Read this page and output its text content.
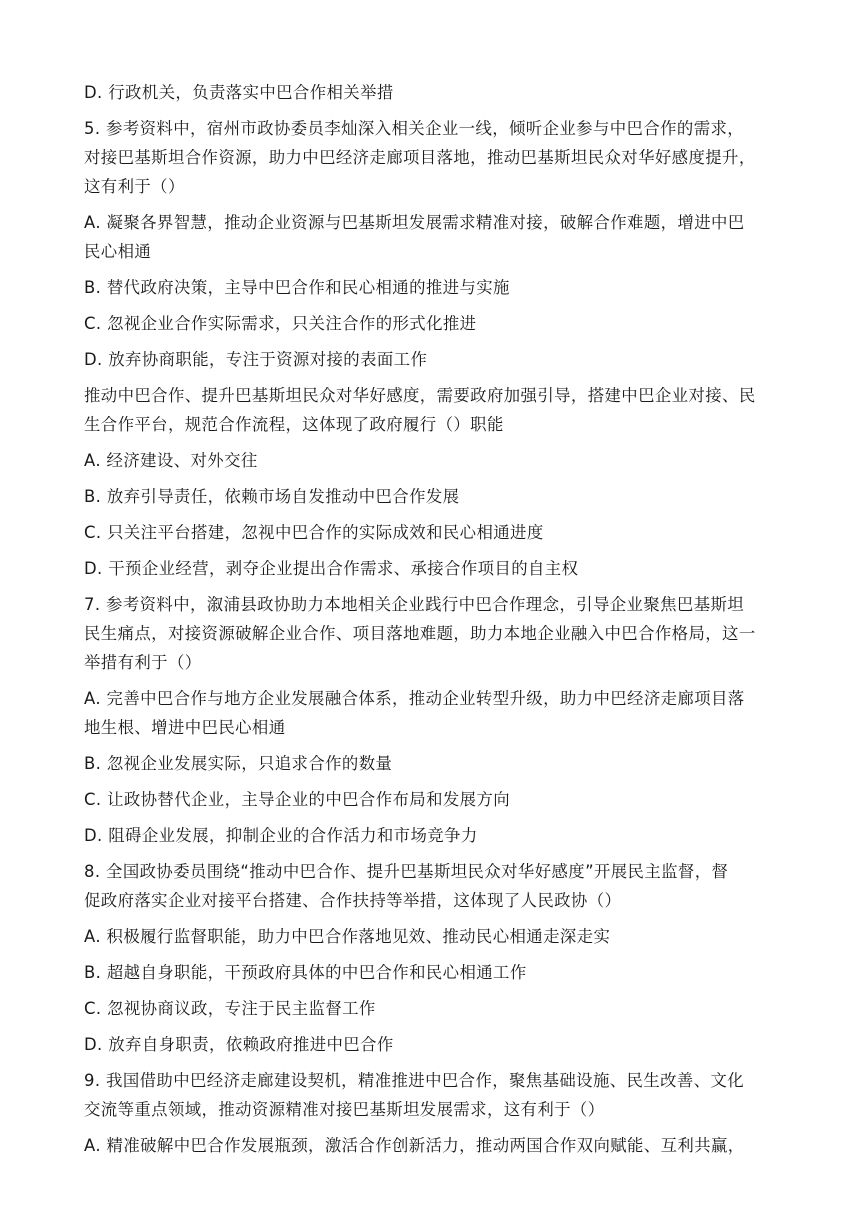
D. 行政机关，负责落实中巴合作相关举措

5. 参考资料中，宿州市政协委员李灿深入相关企业一线，倾听企业参与中巴合作的需求，

对接巴基斯坦合作资源，助力中巴经济走廊项目落地，推动巴基斯坦民众对华好感度提升，

这有利于（）

A. 凝聚各界智慧，推动企业资源与巴基斯坦发展需求精准对接，破解合作难题，增进中巴

民心相通

B. 替代政府决策，主导中巴合作和民心相通的推进与实施

C. 忽视企业合作实际需求，只关注合作的形式化推进

D. 放弃协商职能，专注于资源对接的表面工作

推动中巴合作、提升巴基斯坦民众对华好感度，需要政府加强引导，搭建中巴企业对接、民

生合作平台，规范合作流程，这体现了政府履行（）职能

A. 经济建设、对外交往

B. 放弃引导责任，依赖市场自发推动中巴合作发展

C. 只关注平台搭建，忽视中巴合作的实际成效和民心相通进度

D. 干预企业经营，剥夺企业提出合作需求、承接合作项目的自主权

7. 参考资料中，溆浦县政协助力本地相关企业践行中巴合作理念，引导企业聚焦巴基斯坦

民生痛点，对接资源破解企业合作、项目落地难题，助力本地企业融入中巴合作格局，这一

举措有利于（）

A. 完善中巴合作与地方企业发展融合体系，推动企业转型升级，助力中巴经济走廊项目落

地生根、增进中巴民心相通

B. 忽视企业发展实际，只追求合作的数量

C. 让政协替代企业，主导企业的中巴合作布局和发展方向

D. 阻碍企业发展，抑制企业的合作活力和市场竞争力

8. 全国政协委员围绕“推动中巴合作、提升巴基斯坦民众对华好感度”开展民主监督，督

促政府落实企业对接平台搭建、合作扶持等举措，这体现了人民政协（）

A. 积极履行监督职能，助力中巴合作落地见效、推动民心相通走深走实

B. 超越自身职能，干预政府具体的中巴合作和民心相通工作

C. 忽视协商议政，专注于民主监督工作

D. 放弃自身职责，依赖政府推进中巴合作

9. 我国借助中巴经济走廊建设契机，精准推进中巴合作，聚焦基础设施、民生改善、文化

交流等重点领域，推动资源精准对接巴基斯坦发展需求，这有利于（）

A. 精准破解中巴合作发展瓶颈，激活合作创新活力，推动两国合作双向赋能、互利共赢，
